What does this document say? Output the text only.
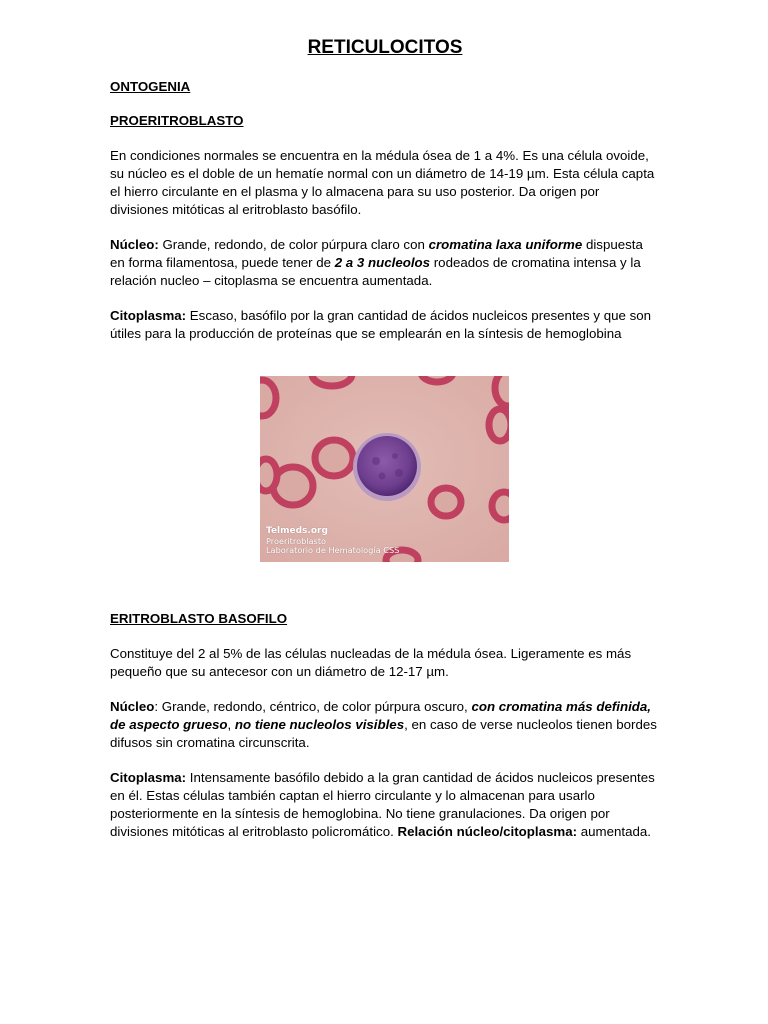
RETICULOCITOS

ONTOGENIA

PROERITROBLASTO

En condiciones normales se encuentra en la médula ósea de 1 a 4%. Es una célula ovoide, su núcleo es el doble de un hematíe normal con un diámetro de 14-19 µm. Esta célula capta el hierro circulante en el plasma y lo almacena para su uso posterior. Da origen por divisiones mitóticas al eritroblasto basófilo.

Núcleo: Grande, redondo, de color púrpura claro con cromatina laxa uniforme dispuesta en forma filamentosa, puede tener de 2 a 3 nucleolos rodeados de cromatina intensa y la relación nucleo – citoplasma se encuentra aumentada.

Citoplasma: Escaso, basófilo por la gran cantidad de ácidos nucleicos presentes y que son útiles para la producción de proteínas que se emplearán en la síntesis de hemoglobina

Telmeds.org
Proeritroblasto
Laboratorio de Hematología CSS

ERITROBLASTO BASOFILO

Constituye del 2 al 5% de las células nucleadas de la médula ósea. Ligeramente es más pequeño que su antecesor con un diámetro de 12-17 µm.

Núcleo: Grande, redondo, céntrico, de color púrpura oscuro, con cromatina más definida, de aspecto grueso, no tiene nucleolos visibles, en caso de verse nucleolos tienen bordes difusos sin cromatina circunscrita.

Citoplasma: Intensamente basófilo debido a la gran cantidad de ácidos nucleicos presentes en él. Estas células también captan el hierro circulante y lo almacenan para usarlo posteriormente en la síntesis de hemoglobina. No tiene granulaciones. Da origen por divisiones mitóticas al eritroblasto policromático. Relación núcleo/citoplasma: aumentada.
